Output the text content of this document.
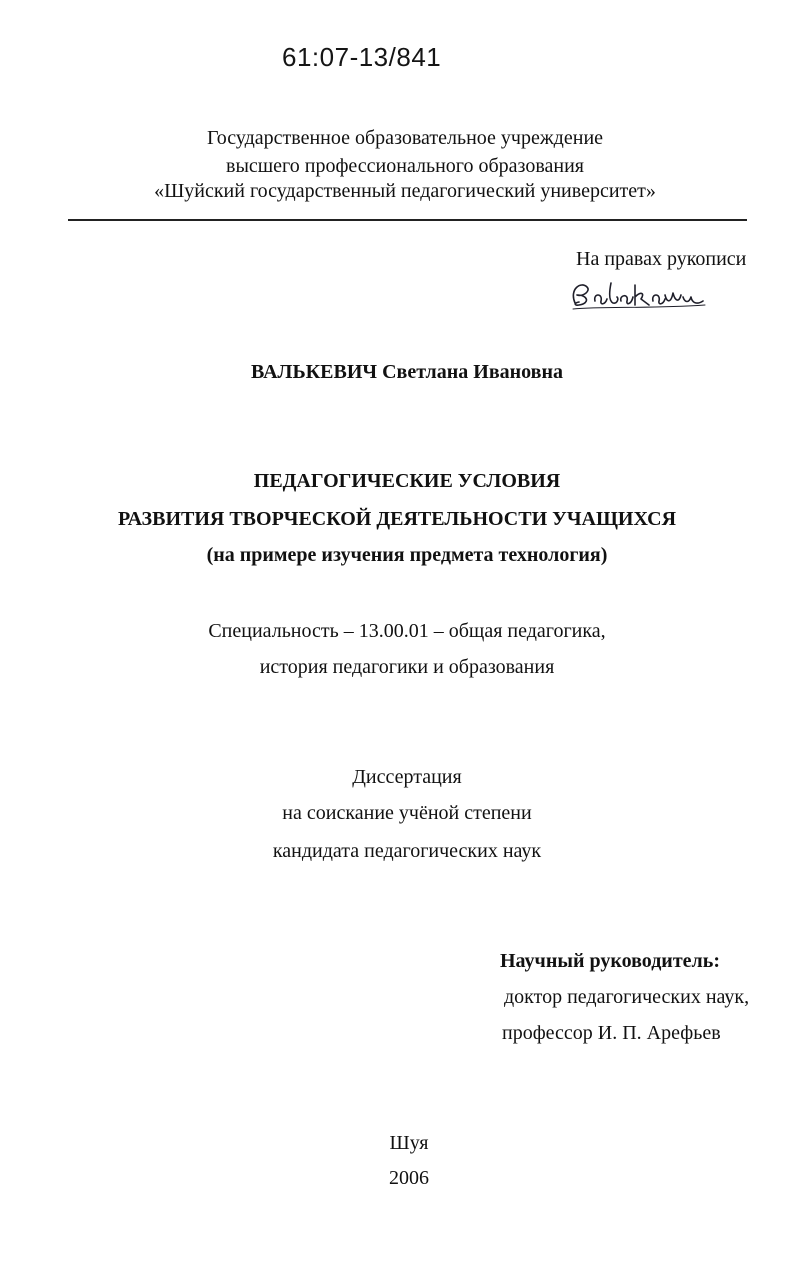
61:07-13/841
Государственное образовательное учреждение
высшего профессионального образования
«Шуйский государственный педагогический университет»
На правах рукописи
ВАЛЬКЕВИЧ Светлана Ивановна
ПЕДАГОГИЧЕСКИЕ УСЛОВИЯ
РАЗВИТИЯ ТВОРЧЕСКОЙ ДЕЯТЕЛЬНОСТИ УЧАЩИХСЯ
(на примере изучения предмета технология)
Специальность – 13.00.01 – общая педагогика,
история педагогики и образования
Диссертация
на соискание учёной степени
кандидата педагогических наук
Научный руководитель:
доктор педагогических наук,
профессор И. П. Арефьев
Шуя
2006
